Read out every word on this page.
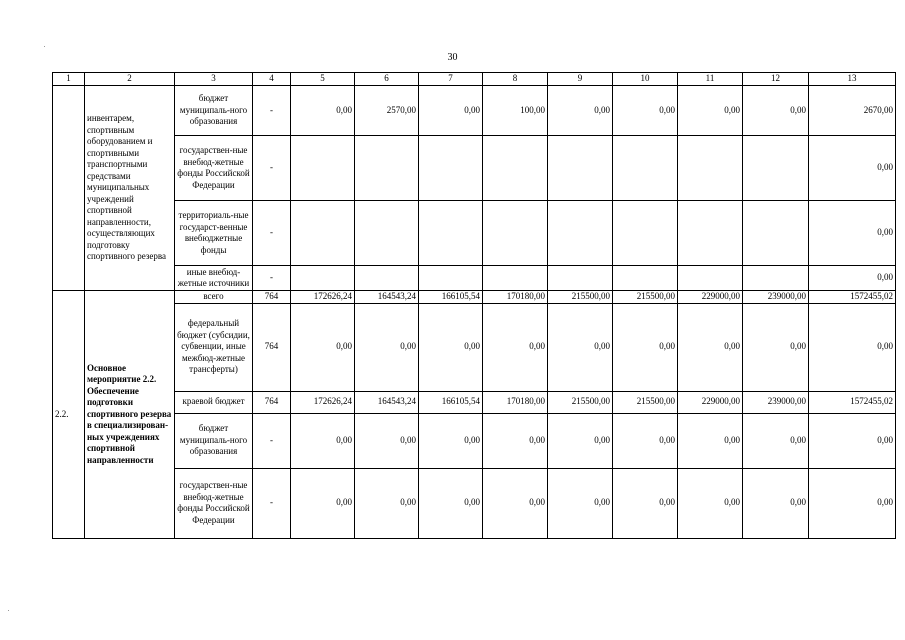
30
1	2	3	4	5	6	7	8	9	10	11	12	13
	инвентарем, спортивным оборудованием и спортивными транспортными средствами муниципальных учреждений спортивной направленности, осуществляющих подготовку спортивного резерва	бюджет муниципаль-ного образования	-	0,00	2570,00	0,00	100,00	0,00	0,00	0,00	0,00	2670,00
		государствен-ные внебюд-жетные фонды Российской Федерации	-									0,00
		территориаль-ные государст-венные внебюджетные фонды	-									0,00
		иные внебюд-жетные источники	-									0,00
2.2.	Основное мероприятие 2.2. Обеспечение подготовки спортивного резерва в специализирован-ных учреждениях спортивной направленности	всего	764	172626,24	164543,24	166105,54	170180,00	215500,00	215500,00	229000,00	239000,00	1572455,02
		федеральный бюджет (субсидии, субвенции, иные межбюд-жетные трансферты)	764	0,00	0,00	0,00	0,00	0,00	0,00	0,00	0,00	0,00
		краевой бюджет	764	172626,24	164543,24	166105,54	170180,00	215500,00	215500,00	229000,00	239000,00	1572455,02
		бюджет муниципаль-ного образования	-	0,00	0,00	0,00	0,00	0,00	0,00	0,00	0,00	0,00
		государствен-ные внебюд-жетные фонды Российской Федерации	-	0,00	0,00	0,00	0,00	0,00	0,00	0,00	0,00	0,00
